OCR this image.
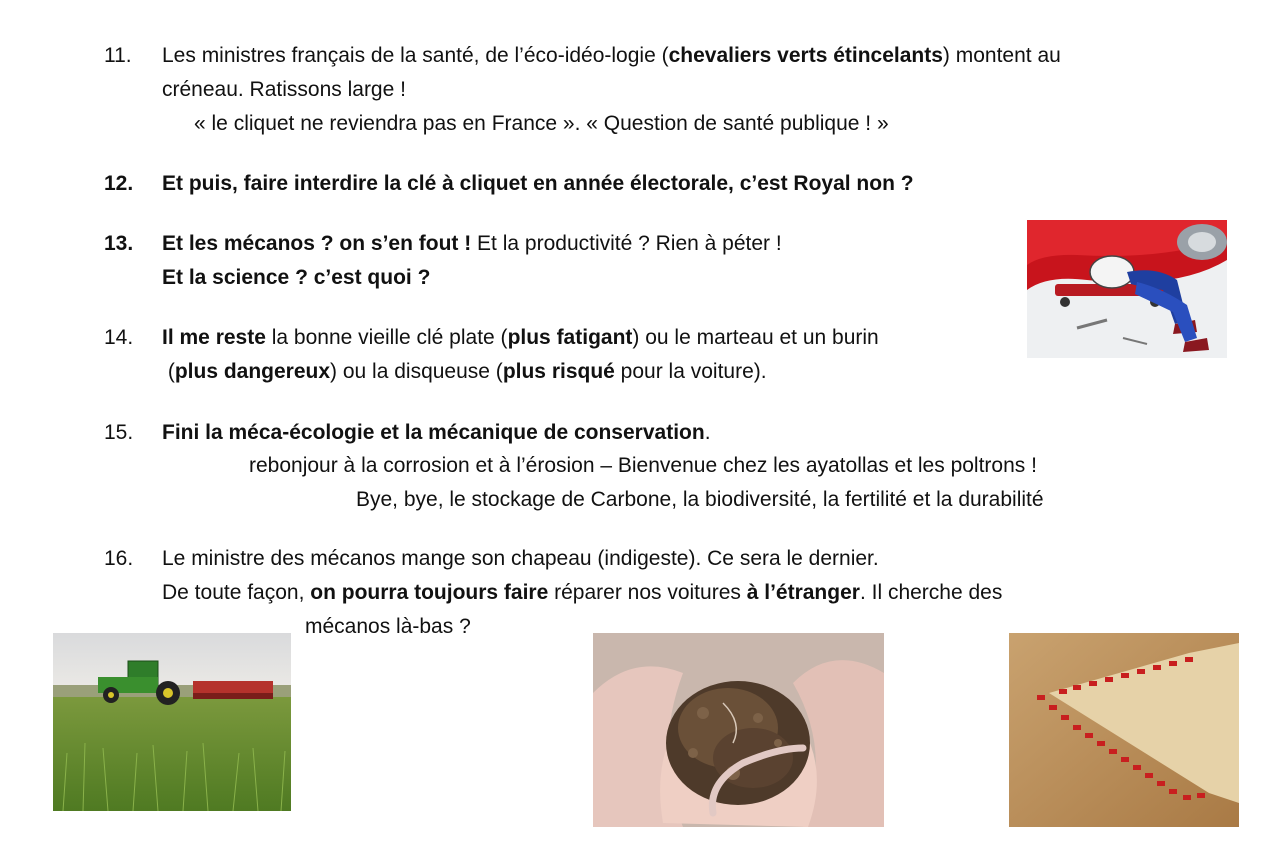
11. Les ministres français de la santé, de l’éco-idéo-logie (chevaliers verts étincelants) montent au
créneau. Ratissons large !
« le cliquet ne reviendra pas en France ». « Question de santé publique ! »
12. Et puis, faire interdire la clé à cliquet en année électorale, c’est Royal non ?
13. Et les mécanos ? on s’en fout ! Et la productivité ? Rien à péter !
Et la science ? c’est quoi ?
14. Il me reste la bonne vieille clé plate (plus fatigant) ou le marteau et un burin
(plus dangereux) ou la disqueuse (plus risqué pour la voiture).
15. Fini la méca-écologie et la mécanique de conservation.
rebonjour à la corrosion et à l’érosion – Bienvenue chez les ayatollas et les poltrons !
Bye, bye, le stockage de Carbone, la biodiversité, la fertilité et la durabilité
16. Le ministre des mécanos mange son chapeau (indigeste). Ce sera le dernier.
De toute façon, on pourra toujours faire réparer nos voitures à l’étranger. Il cherche des
mécanos là-bas ?
